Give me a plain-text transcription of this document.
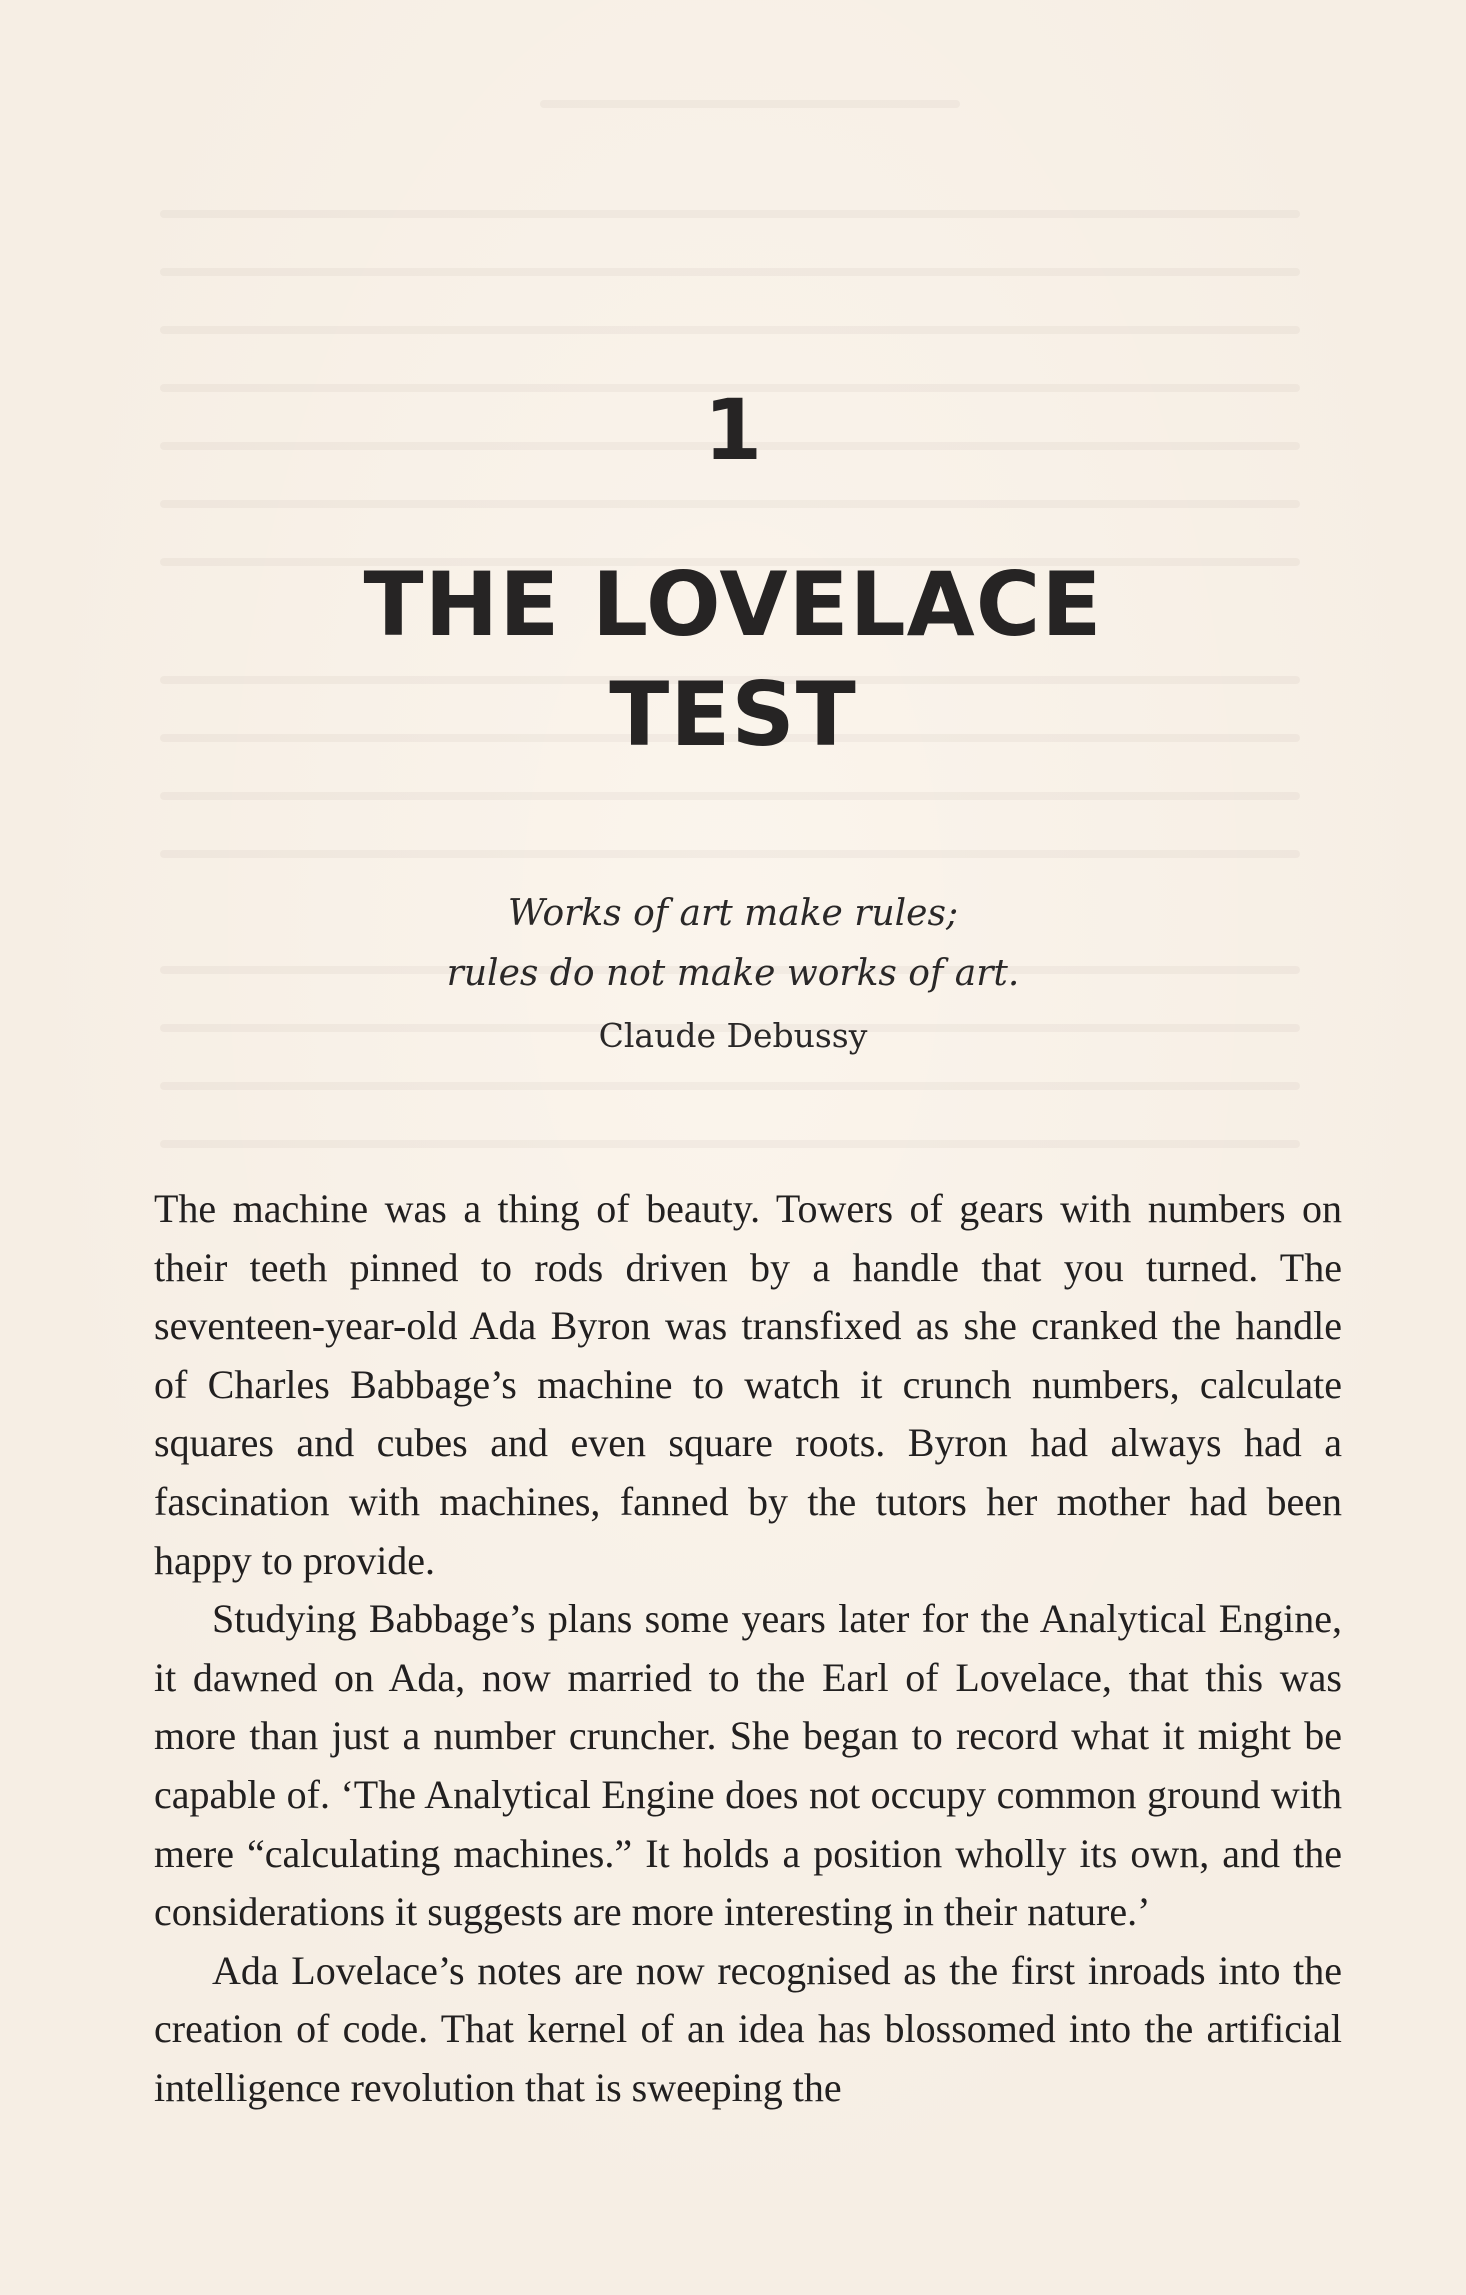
1
THE LOVELACE
TEST
Works of art make rules;
rules do not make works of art.
Claude Debussy

The machine was a thing of beauty. Towers of gears with numbers on their teeth pinned to rods driven by a handle that you turned. The seventeen-year-old Ada Byron was transfixed as she cranked the handle of Charles Babbage’s machine to watch it crunch numbers, calculate squares and cubes and even square roots. Byron had always had a fascination with machines, fanned by the tutors her mother had been happy to provide.

Studying Babbage’s plans some years later for the Analytical Engine, it dawned on Ada, now married to the Earl of Lovelace, that this was more than just a number cruncher. She began to record what it might be capable of. ‘The Analytical Engine does not occupy common ground with mere “calculating machines.” It holds a position wholly its own, and the considerations it suggests are more interesting in their nature.’

Ada Lovelace’s notes are now recognised as the first inroads into the creation of code. That kernel of an idea has blossomed into the artificial intelligence revolution that is sweeping the
